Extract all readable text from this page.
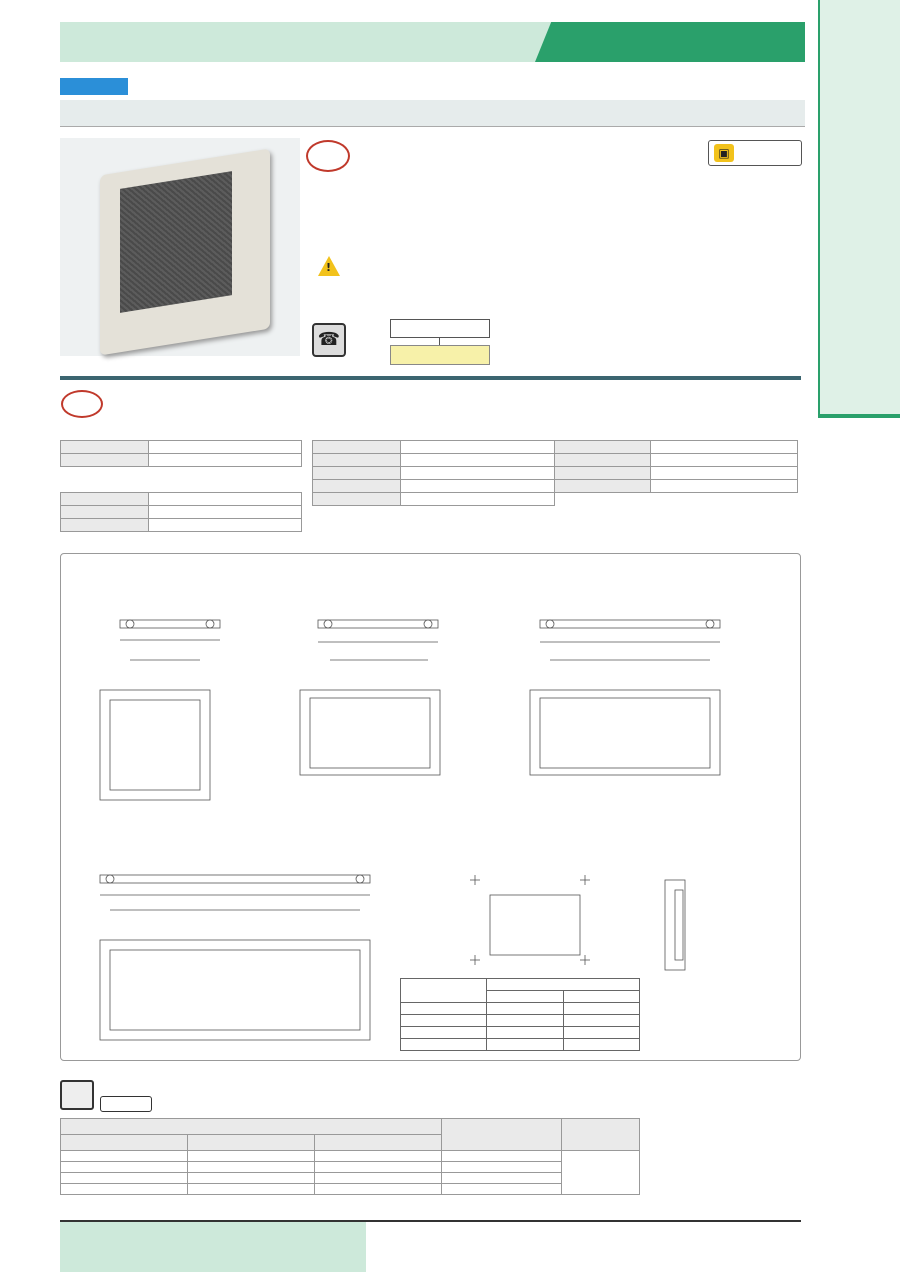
▣
!
☎
